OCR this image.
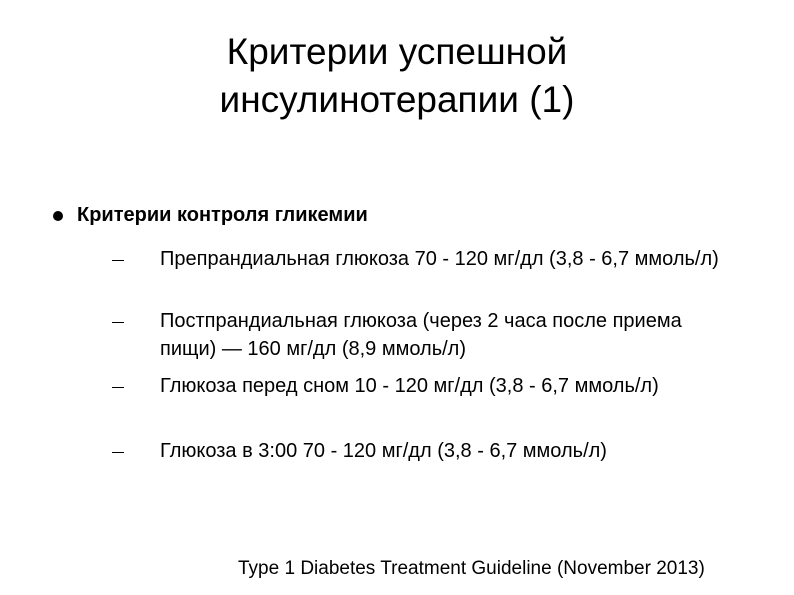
Критерии успешной
инсулинотерапии (1)
Критерии контроля гликемии
Препрандиальная глюкоза 70 - 120 мг/дл (3,8 - 6,7 ммоль/л)
Постпрандиальная глюкоза (через 2 часа после приема пищи) — 160 мг/дл (8,9 ммоль/л)
Глюкоза перед сном 10 - 120 мг/дл (3,8 - 6,7 ммоль/л)
Глюкоза в 3:00 70 - 120 мг/дл (3,8 - 6,7 ммоль/л)
Type 1 Diabetes Treatment Guideline (November 2013)
